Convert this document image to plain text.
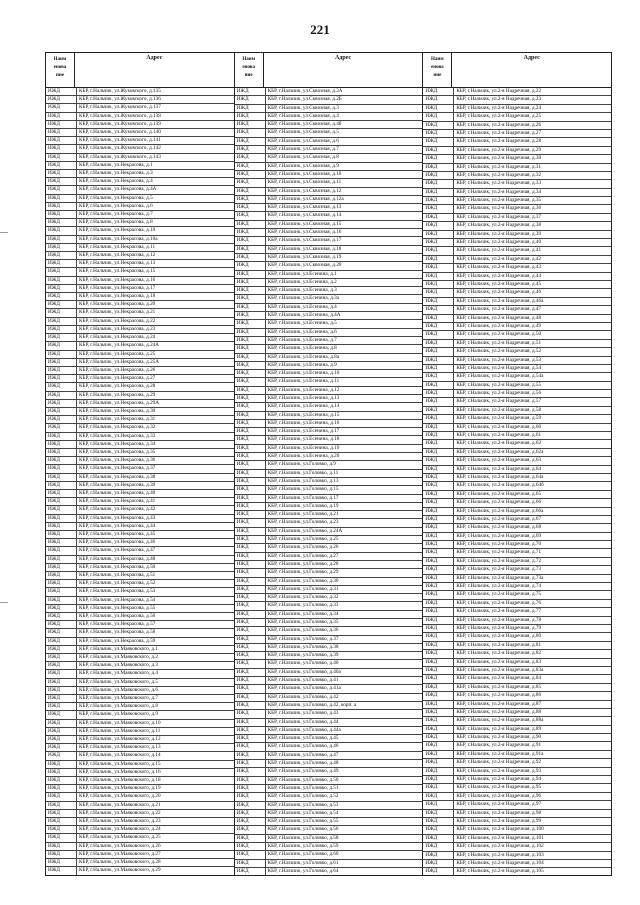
221
Наим
енова
ние
Адрес
ИЖД	КБР, г.Нальчик, ул.Жуковского, д.135
ИЖД	КБР, г.Нальчик, ул.Жуковского, д.136
ИЖД	КБР, г.Нальчик, ул.Жуковского, д.137
ИЖД	КБР, г.Нальчик, ул.Жуковского, д.138
ИЖД	КБР, г.Нальчик, ул.Жуковского, д.139
ИЖД	КБР, г.Нальчик, ул.Жуковского, д.140
ИЖД	КБР, г.Нальчик, ул.Жуковского, д.141
ИЖД	КБР, г.Нальчик, ул.Жуковского, д.142
ИЖД	КБР, г.Нальчик, ул.Жуковского, д.143
ИЖД	КБР, г.Нальчик, ул.Некрасова, д.1
ИЖД	КБР, г.Нальчик, ул.Некрасова, д.3
ИЖД	КБР, г.Нальчик, ул.Некрасова, д.4
ИЖД	КБР, г.Нальчик, ул.Некрасова, д.4А
ИЖД	КБР, г.Нальчик, ул.Некрасова, д.5
ИЖД	КБР, г.Нальчик, ул.Некрасова, д.6
ИЖД	КБР, г.Нальчик, ул.Некрасова, д.7
ИЖД	КБР, г.Нальчик, ул.Некрасова, д.8
ИЖД	КБР, г.Нальчик, ул.Некрасова, д.10
ИЖД	КБР, г.Нальчик, ул.Некрасова, д.10а
ИЖД	КБР, г.Нальчик, ул.Некрасова, д.11
ИЖД	КБР, г.Нальчик, ул.Некрасова, д.12
ИЖД	КБР, г.Нальчик, ул.Некрасова, д.13
ИЖД	КБР, г.Нальчик, ул.Некрасова, д.15
ИЖД	КБР, г.Нальчик, ул.Некрасова, д.16
ИЖД	КБР, г.Нальчик, ул.Некрасова, д.17
ИЖД	КБР, г.Нальчик, ул.Некрасова, д.18
ИЖД	КБР, г.Нальчик, ул.Некрасова, д.20
ИЖД	КБР, г.Нальчик, ул.Некрасова, д.21
ИЖД	КБР, г.Нальчик, ул.Некрасова, д.22
ИЖД	КБР, г.Нальчик, ул.Некрасова, д.23
ИЖД	КБР, г.Нальчик, ул.Некрасова, д.24
ИЖД	КБР, г.Нальчик, ул.Некрасова, д.24А
ИЖД	КБР, г.Нальчик, ул.Некрасова, д.25
ИЖД	КБР, г.Нальчик, ул.Некрасова, д.25А
ИЖД	КБР, г.Нальчик, ул.Некрасова, д.26
ИЖД	КБР, г.Нальчик, ул.Некрасова, д.27
ИЖД	КБР, г.Нальчик, ул.Некрасова, д.28
ИЖД	КБР, г.Нальчик, ул.Некрасова, д.29
ИЖД	КБР, г.Нальчик, ул.Некрасова, д.29А
ИЖД	КБР, г.Нальчик, ул.Некрасова, д.30
ИЖД	КБР, г.Нальчик, ул.Некрасова, д.31
ИЖД	КБР, г.Нальчик, ул.Некрасова, д.32
ИЖД	КБР, г.Нальчик, ул.Некрасова, д.33
ИЖД	КБР, г.Нальчик, ул.Некрасова, д.34
ИЖД	КБР, г.Нальчик, ул.Некрасова, д.35
ИЖД	КБР, г.Нальчик, ул.Некрасова, д.36
ИЖД	КБР, г.Нальчик, ул.Некрасова, д.37
ИЖД	КБР, г.Нальчик, ул.Некрасова, д.38
ИЖД	КБР, г.Нальчик, ул.Некрасова, д.39
ИЖД	КБР, г.Нальчик, ул.Некрасова, д.40
ИЖД	КБР, г.Нальчик, ул.Некрасова, д.41
ИЖД	КБР, г.Нальчик, ул.Некрасова, д.42
ИЖД	КБР, г.Нальчик, ул.Некрасова, д.43
ИЖД	КБР, г.Нальчик, ул.Некрасова, д.44
ИЖД	КБР, г.Нальчик, ул.Некрасова, д.45
ИЖД	КБР, г.Нальчик, ул.Некрасова, д.46
ИЖД	КБР, г.Нальчик, ул.Некрасова, д.47
ИЖД	КБР, г.Нальчик, ул.Некрасова, д.48
ИЖД	КБР, г.Нальчик, ул.Некрасова, д.50
ИЖД	КБР, г.Нальчик, ул.Некрасова, д.51
ИЖД	КБР, г.Нальчик, ул.Некрасова, д.52
ИЖД	КБР, г.Нальчик, ул.Некрасова, д.53
ИЖД	КБР, г.Нальчик, ул.Некрасова, д.54
ИЖД	КБР, г.Нальчик, ул.Некрасова, д.55
ИЖД	КБР, г.Нальчик, ул.Некрасова, д.56
ИЖД	КБР, г.Нальчик, ул.Некрасова, д.57
ИЖД	КБР, г.Нальчик, ул.Некрасова, д.58
ИЖД	КБР, г.Нальчик, ул.Некрасова, д.59
ИЖД	КБР, г.Нальчик, ул.Маяковского, д.1
ИЖД	КБР, г.Нальчик, ул.Маяковского, д.2
ИЖД	КБР, г.Нальчик, ул.Маяковского, д.3
ИЖД	КБР, г.Нальчик, ул.Маяковского, д.4
ИЖД	КБР, г.Нальчик, ул.Маяковского, д.5
ИЖД	КБР, г.Нальчик, ул.Маяковского, д.6
ИЖД	КБР, г.Нальчик, ул.Маяковского, д.7
ИЖД	КБР, г.Нальчик, ул.Маяковского, д.8
ИЖД	КБР, г.Нальчик, ул.Маяковского, д.9
ИЖД	КБР, г.Нальчик, ул.Маяковского, д.10
ИЖД	КБР, г.Нальчик, ул.Маяковского, д.11
ИЖД	КБР, г.Нальчик, ул.Маяковского, д.12
ИЖД	КБР, г.Нальчик, ул.Маяковского, д.13
ИЖД	КБР, г.Нальчик, ул.Маяковского, д.14
ИЖД	КБР, г.Нальчик, ул.Маяковского, д.15
ИЖД	КБР, г.Нальчик, ул.Маяковского, д.16
ИЖД	КБР, г.Нальчик, ул.Маяковского, д.18
ИЖД	КБР, г.Нальчик, ул.Маяковского, д.19
ИЖД	КБР, г.Нальчик, ул.Маяковского, д.20
ИЖД	КБР, г.Нальчик, ул.Маяковского, д.21
ИЖД	КБР, г.Нальчик, ул.Маяковского, д.22
ИЖД	КБР, г.Нальчик, ул.Маяковского, д.23
ИЖД	КБР, г.Нальчик, ул.Маяковского, д.24
ИЖД	КБР, г.Нальчик, ул.Маяковского, д.25
ИЖД	КБР, г.Нальчик, ул.Маяковского, д.26
ИЖД	КБР, г.Нальчик, ул.Маяковского, д.27
ИЖД	КБР, г.Нальчик, ул.Маяковского, д.28
ИЖД	КБР, г.Нальчик, ул.Маяковского, д.29
Наим
енова
ние
Адрес
ИЖД	КБР, г.Нальчик, ул.Сквозная, д.2А
ИЖД	КБР, г.Нальчик, ул.Сквозная, д.2Б
ИЖД	КБР, г.Нальчик, ул.Сквозная, д.3
ИЖД	КБР, г.Нальчик, ул.Сквозная, д.4
ИЖД	КБР, г.Нальчик, ул.Сквозная, д.4б
ИЖД	КБР, г.Нальчик, ул.Сквозная, д.5
ИЖД	КБР, г.Нальчик, ул.Сквозная, д.6
ИЖД	КБР, г.Нальчик, ул.Сквозная, д.7
ИЖД	КБР, г.Нальчик, ул.Сквозная, д.8
ИЖД	КБР, г.Нальчик, ул.Сквозная, д.9
ИЖД	КБР, г.Нальчик, ул.Сквозная, д.10
ИЖД	КБР, г.Нальчик, ул.Сквозная, д.11
ИЖД	КБР, г.Нальчик, ул.Сквозная, д.12
ИЖД	КБР, г.Нальчик, ул.Сквозная, д.12а
ИЖД	КБР, г.Нальчик, ул.Сквозная, д.13
ИЖД	КБР, г.Нальчик, ул.Сквозная, д.14
ИЖД	КБР, г.Нальчик, ул.Сквозная, д.15
ИЖД	КБР, г.Нальчик, ул.Сквозная, д.16
ИЖД	КБР, г.Нальчик, ул.Сквозная, д.17
ИЖД	КБР, г.Нальчик, ул.Сквозная, д.18
ИЖД	КБР, г.Нальчик, ул.Сквозная, д.19
ИЖД	КБР, г.Нальчик, ул.Сквозная, д.20
ИЖД	КБР, г.Нальчик, ул.Есенина, д.1
ИЖД	КБР, г.Нальчик, ул.Есенина, д.2
ИЖД	КБР, г.Нальчик, ул.Есенина, д.3
ИЖД	КБР, г.Нальчик, ул.Есенина, д.3а
ИЖД	КБР, г.Нальчик, ул.Есенина, д.4
ИЖД	КБР, г.Нальчик, ул.Есенина, д.4А
ИЖД	КБР, г.Нальчик, ул.Есенина, д.5
ИЖД	КБР, г.Нальчик, ул.Есенина, д.6
ИЖД	КБР, г.Нальчик, ул.Есенина, д.7
ИЖД	КБР, г.Нальчик, ул.Есенина, д.8
ИЖД	КБР, г.Нальчик, ул.Есенина, д.8а
ИЖД	КБР, г.Нальчик, ул.Есенина, д.9
ИЖД	КБР, г.Нальчик, ул.Есенина, д.10
ИЖД	КБР, г.Нальчик, ул.Есенина, д.11
ИЖД	КБР, г.Нальчик, ул.Есенина, д.12
ИЖД	КБР, г.Нальчик, ул.Есенина, д.13
ИЖД	КБР, г.Нальчик, ул.Есенина, д.14
ИЖД	КБР, г.Нальчик, ул.Есенина, д.15
ИЖД	КБР, г.Нальчик, ул.Есенина, д.16
ИЖД	КБР, г.Нальчик, ул.Есенина, д.17
ИЖД	КБР, г.Нальчик, ул.Есенина, д.18
ИЖД	КБР, г.Нальчик, ул.Есенина, д.19
ИЖД	КБР, г.Нальчик, ул.Есенина, д.20
ИЖД	КБР, г.Нальчик, ул.Головко, д.9
ИЖД	КБР, г.Нальчик, ул.Головко, д.11
ИЖД	КБР, г.Нальчик, ул.Головко, д.13
ИЖД	КБР, г.Нальчик, ул.Головко, д.15
ИЖД	КБР, г.Нальчик, ул.Головко, д.17
ИЖД	КБР, г.Нальчик, ул.Головко, д.19
ИЖД	КБР, г.Нальчик, ул.Головко, д.21
ИЖД	КБР, г.Нальчик, ул.Головко, д.23
ИЖД	КБР, г.Нальчик, ул.Головко, д.24А
ИЖД	КБР, г.Нальчик, ул.Головко, д.25
ИЖД	КБР, г.Нальчик, ул.Головко, д.26
ИЖД	КБР, г.Нальчик, ул.Головко, д.27
ИЖД	КБР, г.Нальчик, ул.Головко, д.28
ИЖД	КБР, г.Нальчик, ул.Головко, д.29
ИЖД	КБР, г.Нальчик, ул.Головко, д.30
ИЖД	КБР, г.Нальчик, ул.Головко, д.31
ИЖД	КБР, г.Нальчик, ул.Головко, д.32
ИЖД	КБР, г.Нальчик, ул.Головко, д.33
ИЖД	КБР, г.Нальчик, ул.Головко, д.34
ИЖД	КБР, г.Нальчик, ул.Головко, д.35
ИЖД	КБР, г.Нальчик, ул.Головко, д.36
ИЖД	КБР, г.Нальчик, ул.Головко, д.37
ИЖД	КБР, г.Нальчик, ул.Головко, д.38
ИЖД	КБР, г.Нальчик, ул.Головко, д.39
ИЖД	КБР, г.Нальчик, ул.Головко, д.40
ИЖД	КБР, г.Нальчик, ул.Головко, д.40а
ИЖД	КБР, г.Нальчик, ул.Головко, д.41
ИЖД	КБР, г.Нальчик, ул.Головко, д.41а
ИЖД	КБР, г.Нальчик, ул.Головко, д.42
ИЖД	КБР, г.Нальчик, ул.Головко, д.42, корп. а
ИЖД	КБР, г.Нальчик, ул.Головко, д.43
ИЖД	КБР, г.Нальчик, ул.Головко, д.44
ИЖД	КБР, г.Нальчик, ул.Головко, д.44а
ИЖД	КБР, г.Нальчик, ул.Головко, д.45
ИЖД	КБР, г.Нальчик, ул.Головко, д.46
ИЖД	КБР, г.Нальчик, ул.Головко, д.47
ИЖД	КБР, г.Нальчик, ул.Головко, д.48
ИЖД	КБР, г.Нальчик, ул.Головко, д.49
ИЖД	КБР, г.Нальчик, ул.Головко, д.50
ИЖД	КБР, г.Нальчик, ул.Головко, д.51
ИЖД	КБР, г.Нальчик, ул.Головко, д.52
ИЖД	КБР, г.Нальчик, ул.Головко, д.53
ИЖД	КБР, г.Нальчик, ул.Головко, д.54
ИЖД	КБР, г.Нальчик, ул.Головко, д.55
ИЖД	КБР, г.Нальчик, ул.Головко, д.56
ИЖД	КБР, г.Нальчик, ул.Головко, д.58
ИЖД	КБР, г.Нальчик, ул.Головко, д.59
ИЖД	КБР, г.Нальчик, ул.Головко, д.60
ИЖД	КБР, г.Нальчик, ул.Головко, д.61
ИЖД	КБР, г.Нальчик, ул.Головко, д.64
Наим
енова
ние
Адрес
ИЖД	КБР, г.Нальчик, ул.2-я Надречная, д.22
ИЖД	КБР, г.Нальчик, ул.2-я Надречная, д.23
ИЖД	КБР, г.Нальчик, ул.2-я Надречная, д.24
ИЖД	КБР, г.Нальчик, ул.2-я Надречная, д.25
ИЖД	КБР, г.Нальчик, ул.2-я Надречная, д.26
ИЖД	КБР, г.Нальчик, ул.2-я Надречная, д.27
ИЖД	КБР, г.Нальчик, ул.2-я Надречная, д.28
ИЖД	КБР, г.Нальчик, ул.2-я Надречная, д.29
ИЖД	КБР, г.Нальчик, ул.2-я Надречная, д.30
ИЖД	КБР, г.Нальчик, ул.2-я Надречная, д.31
ИЖД	КБР, г.Нальчик, ул.2-я Надречная, д.32
ИЖД	КБР, г.Нальчик, ул.2-я Надречная, д.33
ИЖД	КБР, г.Нальчик, ул.2-я Надречная, д.34
ИЖД	КБР, г.Нальчик, ул.2-я Надречная, д.35
ИЖД	КБР, г.Нальчик, ул.2-я Надречная, д.36
ИЖД	КБР, г.Нальчик, ул.2-я Надречная, д.37
ИЖД	КБР, г.Нальчик, ул.2-я Надречная, д.38
ИЖД	КБР, г.Нальчик, ул.2-я Надречная, д.39
ИЖД	КБР, г.Нальчик, ул.2-я Надречная, д.40
ИЖД	КБР, г.Нальчик, ул.2-я Надречная, д.41
ИЖД	КБР, г.Нальчик, ул.2-я Надречная, д.42
ИЖД	КБР, г.Нальчик, ул.2-я Надречная, д.43
ИЖД	КБР, г.Нальчик, ул.2-я Надречная, д.44
ИЖД	КБР, г.Нальчик, ул.2-я Надречная, д.45
ИЖД	КБР, г.Нальчик, ул.2-я Надречная, д.46
ИЖД	КБР, г.Нальчик, ул.2-я Надречная, д.46а
ИЖД	КБР, г.Нальчик, ул.2-я Надречная, д.47
ИЖД	КБР, г.Нальчик, ул.2-я Надречная, д.48
ИЖД	КБР, г.Нальчик, ул.2-я Надречная, д.49
ИЖД	КБР, г.Нальчик, ул.2-я Надречная, д.50
ИЖД	КБР, г.Нальчик, ул.2-я Надречная, д.51
ИЖД	КБР, г.Нальчик, ул.2-я Надречная, д.52
ИЖД	КБР, г.Нальчик, ул.2-я Надречная, д.53
ИЖД	КБР, г.Нальчик, ул.2-я Надречная, д.54
ИЖД	КБР, г.Нальчик, ул.2-я Надречная, д.54а
ИЖД	КБР, г.Нальчик, ул.2-я Надречная, д.55
ИЖД	КБР, г.Нальчик, ул.2-я Надречная, д.56
ИЖД	КБР, г.Нальчик, ул.2-я Надречная, д.57
ИЖД	КБР, г.Нальчик, ул.2-я Надречная, д.58
ИЖД	КБР, г.Нальчик, ул.2-я Надречная, д.59
ИЖД	КБР, г.Нальчик, ул.2-я Надречная, д.60
ИЖД	КБР, г.Нальчик, ул.2-я Надречная, д.61
ИЖД	КБР, г.Нальчик, ул.2-я Надречная, д.62
ИЖД	КБР, г.Нальчик, ул.2-я Надречная, д.62а
ИЖД	КБР, г.Нальчик, ул.2-я Надречная, д.63
ИЖД	КБР, г.Нальчик, ул.2-я Надречная, д.64
ИЖД	КБР, г.Нальчик, ул.2-я Надречная, д.64а
ИЖД	КБР, г.Нальчик, ул.2-я Надречная, д.64б
ИЖД	КБР, г.Нальчик, ул.2-я Надречная, д.65
ИЖД	КБР, г.Нальчик, ул.2-я Надречная, д.66
ИЖД	КБР, г.Нальчик, ул.2-я Надречная, д.66а
ИЖД	КБР, г.Нальчик, ул.2-я Надречная, д.67
ИЖД	КБР, г.Нальчик, ул.2-я Надречная, д.68
ИЖД	КБР, г.Нальчик, ул.2-я Надречная, д.69
ИЖД	КБР, г.Нальчик, ул.2-я Надречная, д.70
ИЖД	КБР, г.Нальчик, ул.2-я Надречная, д.71
ИЖД	КБР, г.Нальчик, ул.2-я Надречная, д.72
ИЖД	КБР, г.Нальчик, ул.2-я Надречная, д.73
ИЖД	КБР, г.Нальчик, ул.2-я Надречная, д.73а
ИЖД	КБР, г.Нальчик, ул.2-я Надречная, д.74
ИЖД	КБР, г.Нальчик, ул.2-я Надречная, д.75
ИЖД	КБР, г.Нальчик, ул.2-я Надречная, д.76
ИЖД	КБР, г.Нальчик, ул.2-я Надречная, д.77
ИЖД	КБР, г.Нальчик, ул.2-я Надречная, д.78
ИЖД	КБР, г.Нальчик, ул.2-я Надречная, д.79
ИЖД	КБР, г.Нальчик, ул.2-я Надречная, д.80
ИЖД	КБР, г.Нальчик, ул.2-я Надречная, д.81
ИЖД	КБР, г.Нальчик, ул.2-я Надречная, д.82
ИЖД	КБР, г.Нальчик, ул.2-я Надречная, д.83
ИЖД	КБР, г.Нальчик, ул.2-я Надречная, д.83а
ИЖД	КБР, г.Нальчик, ул.2-я Надречная, д.84
ИЖД	КБР, г.Нальчик, ул.2-я Надречная, д.85
ИЖД	КБР, г.Нальчик, ул.2-я Надречная, д.86
ИЖД	КБР, г.Нальчик, ул.2-я Надречная, д.87
ИЖД	КБР, г.Нальчик, ул.2-я Надречная, д.88
ИЖД	КБР, г.Нальчик, ул.2-я Надречная, д.88а
ИЖД	КБР, г.Нальчик, ул.2-я Надречная, д.89
ИЖД	КБР, г.Нальчик, ул.2-я Надречная, д.90
ИЖД	КБР, г.Нальчик, ул.2-я Надречная, д.91
ИЖД	КБР, г.Нальчик, ул.2-я Надречная, д.91а
ИЖД	КБР, г.Нальчик, ул.2-я Надречная, д.92
ИЖД	КБР, г.Нальчик, ул.2-я Надречная, д.93
ИЖД	КБР, г.Нальчик, ул.2-я Надречная, д.94
ИЖД	КБР, г.Нальчик, ул.2-я Надречная, д.95
ИЖД	КБР, г.Нальчик, ул.2-я Надречная, д.96
ИЖД	КБР, г.Нальчик, ул.2-я Надречная, д.97
ИЖД	КБР, г.Нальчик, ул.2-я Надречная, д.98
ИЖД	КБР, г.Нальчик, ул.2-я Надречная, д.99
ИЖД	КБР, г.Нальчик, ул.2-я Надречная, д.100
ИЖД	КБР, г.Нальчик, ул.2-я Надречная, д.101
ИЖД	КБР, г.Нальчик, ул.2-я Надречная, д.102
ИЖД	КБР, г.Нальчик, ул.2-я Надречная, д.103
ИЖД	КБР, г.Нальчик, ул.2-я Надречная, д.104
ИЖД	КБР, г.Нальчик, ул.2-я Надречная, д.105
